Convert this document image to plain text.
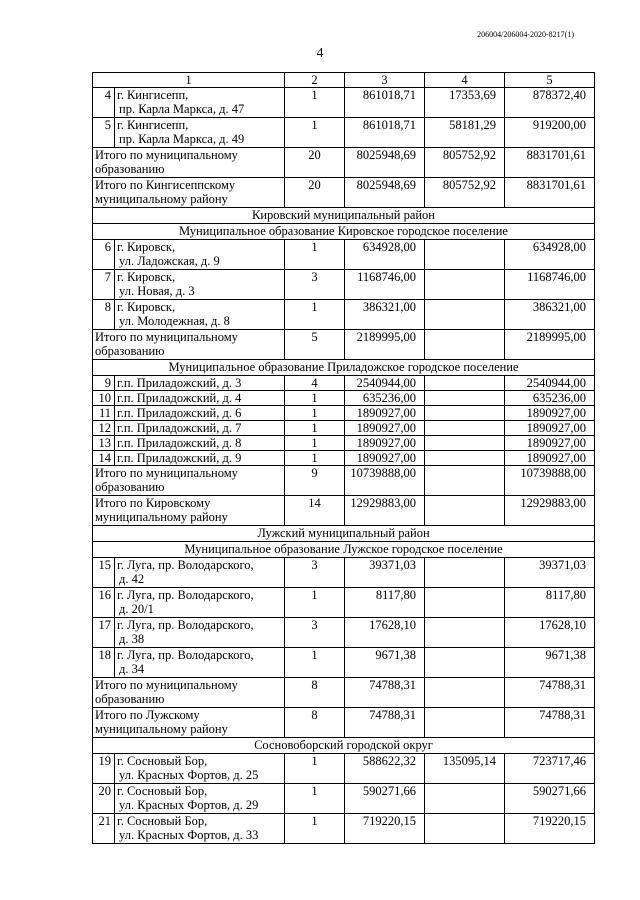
206004/206004-2020-8217(1)
4
1		2	3	4	5
4	г. Кингисепп,
пр. Карла Маркса, д. 47	1	861018,71	17353,69	878372,40
5	г. Кингисепп,
пр. Карла Маркса, д. 49	1	861018,71	58181,29	919200,00

Итого по муниципальному
образованию		20	8025948,69	805752,92	8831701,61

Итого по Кингисеппскому
муниципальному району		20	8025948,69	805752,92	8831701,61
Кировский муниципальный район					
Муниципальное образование Кировское городское поселение					
6	г. Кировск,
ул. Ладожская, д. 9	1	634928,00		634928,00
7	г. Кировск,
ул. Новая, д. 3	3	1168746,00		1168746,00
8	г. Кировск,
ул. Молодежная, д. 8	1	386321,00		386321,00

Итого по муниципальному
образованию		5	2189995,00		2189995,00
Муниципальное образование Приладожское городское поселение					
9	г.п. Приладожский, д. 3	4	2540944,00		2540944,00
10	г.п. Приладожский, д. 4	1	635236,00		635236,00
11	г.п. Приладожский, д. 6	1	1890927,00		1890927,00
12	г.п. Приладожский, д. 7	1	1890927,00		1890927,00
13	г.п. Приладожский, д. 8	1	1890927,00		1890927,00
14	г.п. Приладожский, д. 9	1	1890927,00		1890927,00

Итого по муниципальному
образованию		9	10739888,00		10739888,00

Итого по Кировскому
муниципальному району		14	12929883,00		12929883,00
Лужский муниципальный район					
Муниципальное образование Лужское городское поселение					
15	г. Луга, пр. Володарского,
д. 42	3	39371,03		39371,03
16	г. Луга, пр. Володарского,
д. 20/1	1	8117,80		8117,80
17	г. Луга, пр. Володарского,
д. 38	3	17628,10		17628,10
18	г. Луга, пр. Володарского,
д. 34	1	9671,38		9671,38

Итого по муниципальному
образованию		8	74788,31		74788,31

Итого по Лужскому
муниципальному району		8	74788,31		74788,31
Сосновоборский городской округ					
19	г. Сосновый Бор,
ул. Красных Фортов, д. 25	1	588622,32	135095,14	723717,46
20	г. Сосновый Бор,
ул. Красных Фортов, д. 29	1	590271,66		590271,66
21	г. Сосновый Бор,
ул. Красных Фортов, д. 33	1	719220,15		719220,15
